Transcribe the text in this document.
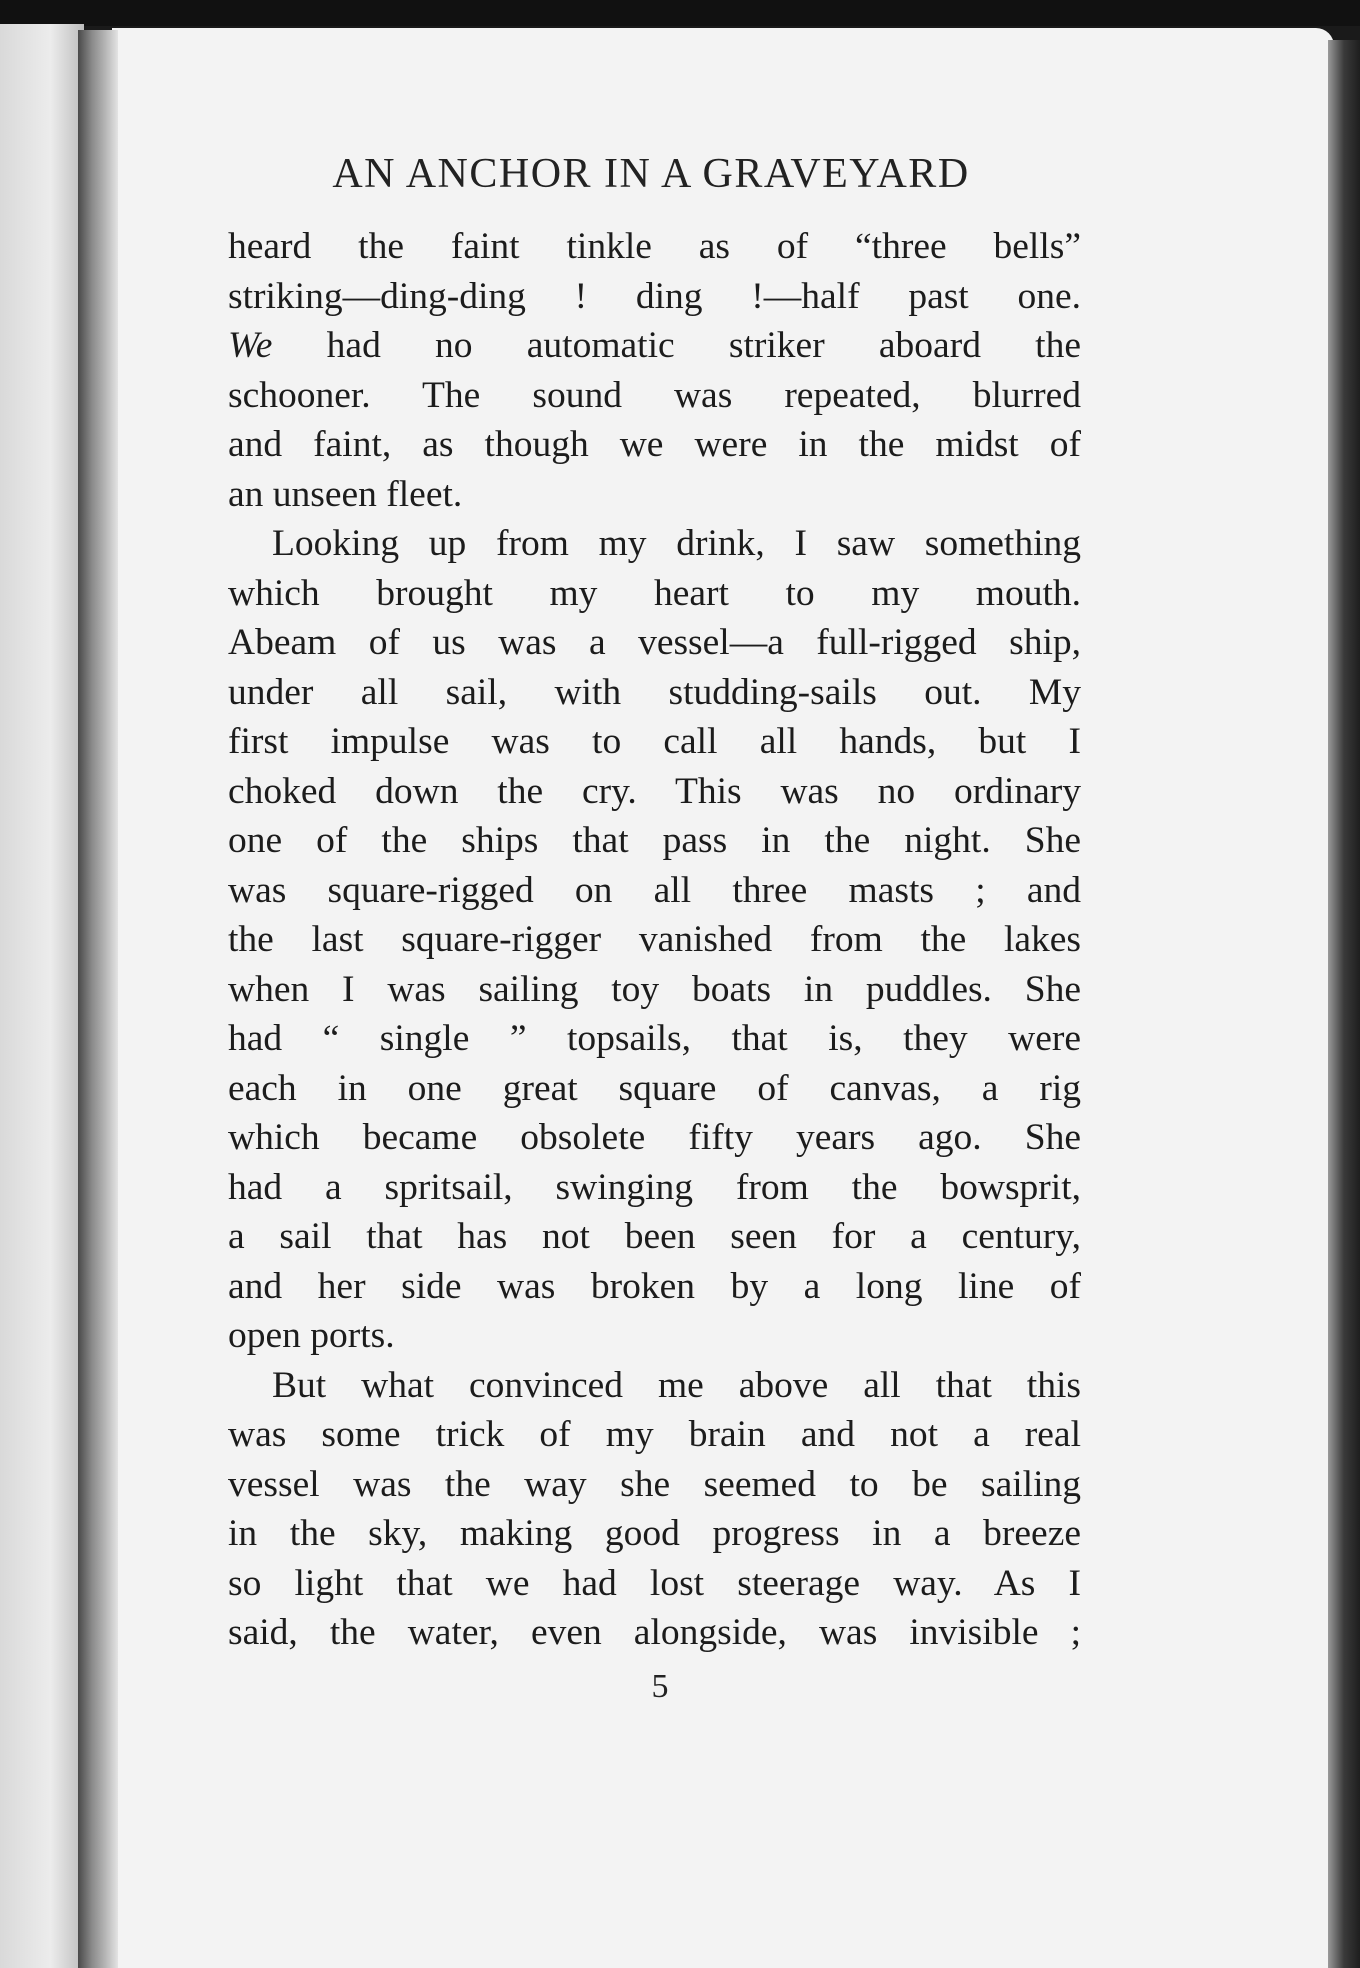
AN ANCHOR IN A GRAVEYARD
heard the faint tinkle as of “three bells”
striking—ding-ding ! ding !—half past one.
We had no automatic striker aboard the
schooner. The sound was repeated, blurred
and faint, as though we were in the midst of
an unseen fleet.
Looking up from my drink, I saw something
which brought my heart to my mouth.
Abeam of us was a vessel—a full-rigged ship,
under all sail, with studding-sails out. My
first impulse was to call all hands, but I
choked down the cry. This was no ordinary
one of the ships that pass in the night. She
was square-rigged on all three masts ; and
the last square-rigger vanished from the lakes
when I was sailing toy boats in puddles. She
had “ single ” topsails, that is, they were
each in one great square of canvas, a rig
which became obsolete fifty years ago. She
had a spritsail, swinging from the bowsprit,
a sail that has not been seen for a century,
and her side was broken by a long line of
open ports.
But what convinced me above all that this
was some trick of my brain and not a real
vessel was the way she seemed to be sailing
in the sky, making good progress in a breeze
so light that we had lost steerage way. As I
said, the water, even alongside, was invisible ;
5
